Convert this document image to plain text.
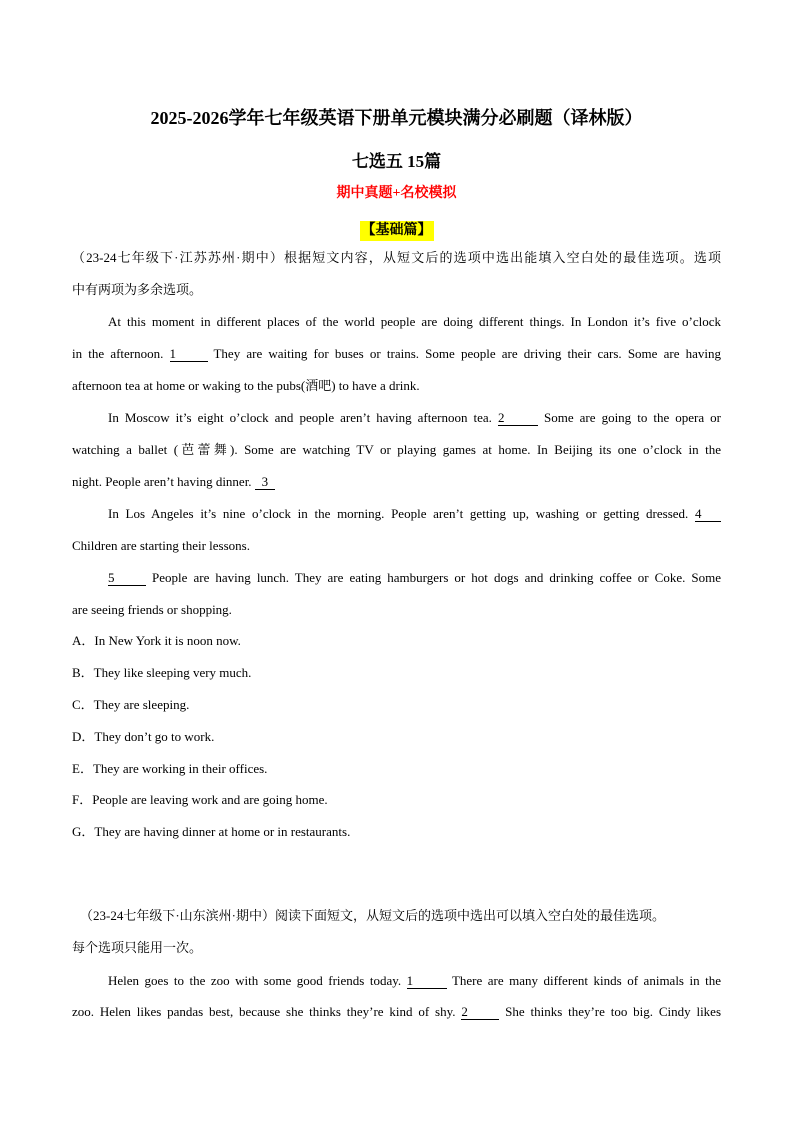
2025-2026学年七年级英语下册单元模块满分必刷题（译林版）
七选五 15篇
期中真题+名校模拟
【基础篇】
（23-24七年级下·江苏苏州·期中）根据短文内容，从短文后的选项中选出能填入空白处的最佳选项。选项
中有两项为多余选项。
At this moment in different places of the world people are doing different things. In London it’s five o’clock
in the afternoon. 1	They are waiting for buses or trains. Some people are driving their cars. Some are having
afternoon tea at home or waking to the pubs(酒吧) to have a drink.
In Moscow it’s eight o’clock and people aren’t having afternoon tea. 2	Some are going to the opera or
watching a ballet (芭蕾舞). Some are watching TV or playing games at home. In Beijing its one o’clock in the
night. People aren’t having dinner. 3
In Los Angeles it’s nine o’clock in the morning. People aren’t getting up, washing or getting dressed. 4
Children are starting their lessons.
5	People are having lunch. They are eating hamburgers or hot dogs and drinking coffee or Coke. Some
are seeing friends or shopping.
A．In New York it is noon now.
B．They like sleeping very much.
C．They are sleeping.
D．They don’t go to work.
E．They are working in their offices.
F．People are leaving work and are going home.
G．They are having dinner at home or in restaurants.
（23-24七年级下·山东滨州·期中）阅读下面短文，从短文后的选项中选出可以填入空白处的最佳选项。
每个选项只能用一次。
Helen goes to the zoo with some good friends today. 1	There are many different kinds of animals in the
zoo. Helen likes pandas best, because she thinks they’re kind of shy. 2	She thinks they’re too big. Cindy likes
